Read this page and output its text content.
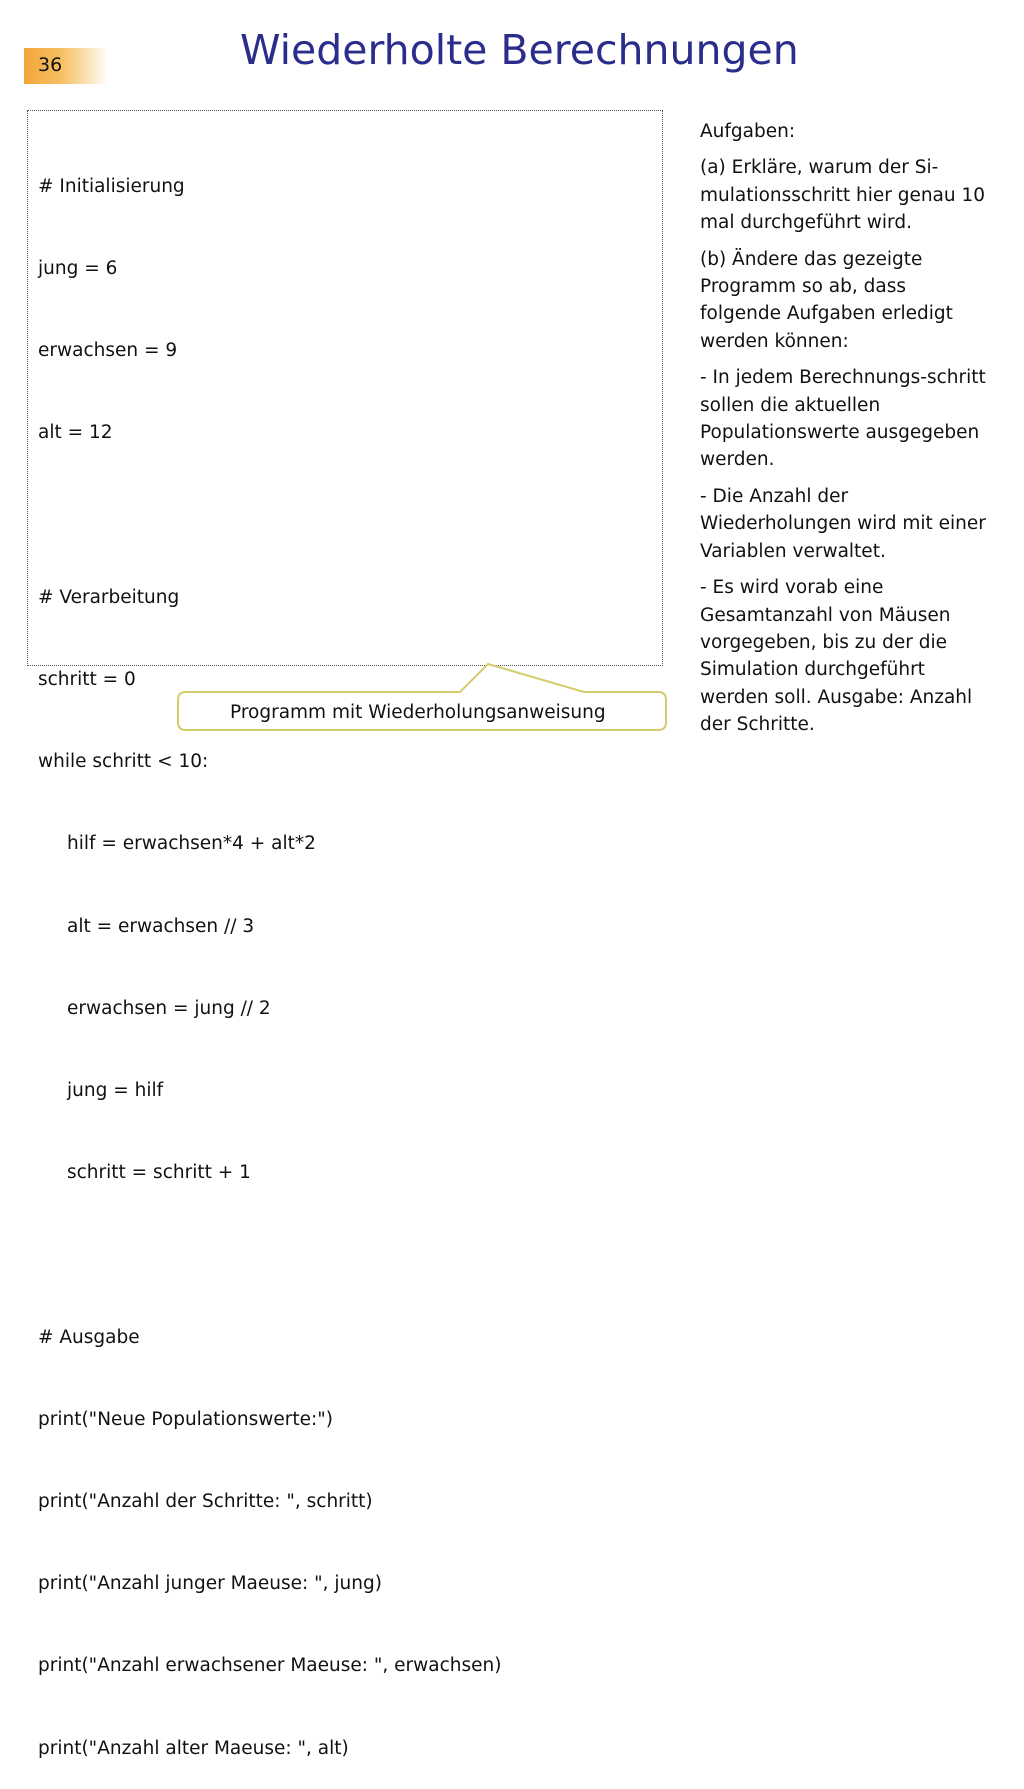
36	Wiederholte Berechnungen

# Initialisierung

jung = 6

erwachsen = 9

alt = 12

# Verarbeitung

schritt = 0

while schritt < 10:

hilf = erwachsen*4 + alt*2

alt = erwachsen // 3

erwachsen = jung // 2

jung = hilf

schritt = schritt + 1

# Ausgabe

print("Neue Populationswerte:")

print("Anzahl der Schritte: ", schritt)

print("Anzahl junger Maeuse: ", jung)

print("Anzahl erwachsener Maeuse: ", erwachsen)

print("Anzahl alter Maeuse: ", alt)

Aufgaben:

(a) Erkläre, warum der Si-mulationsschritt hier genau 10 mal durchgeführt wird.

(b) Ändere das gezeigte Programm so ab, dass folgende Aufgaben erledigt werden können:

- In jedem Berechnungs-schritt sollen die aktuellen Populationswerte ausgegeben werden.

- Die Anzahl der Wiederholungen wird mit einer Variablen verwaltet.

- Es wird vorab eine Gesamtanzahl von Mäusen vorgegeben, bis zu der die Simulation durchgeführt werden soll. Ausgabe: Anzahl der Schritte.

Programm mit Wiederholungsanweisung
